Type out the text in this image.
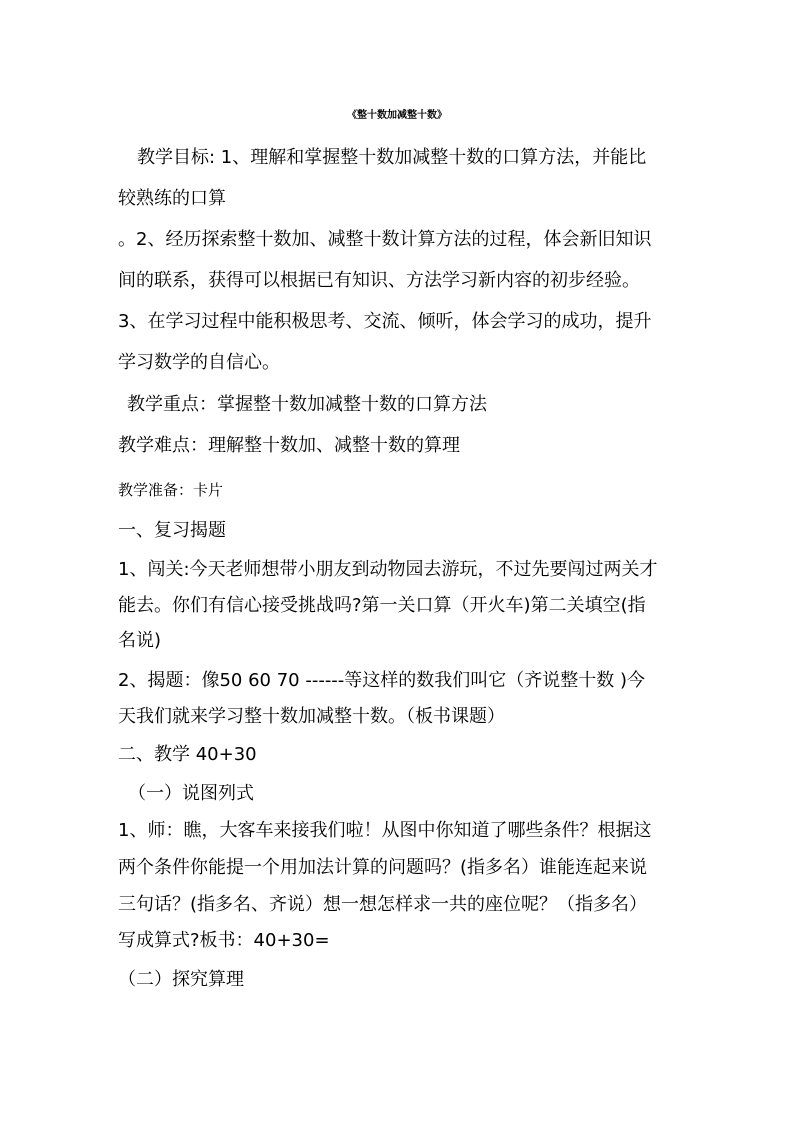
《整十数加减整十数》
教学目标: 1、理解和掌握整十数加减整十数的口算方法，并能比
较熟练的口算
。2、经历探索整十数加、减整十数计算方法的过程，体会新旧知识
间的联系，获得可以根据已有知识、方法学习新内容的初步经验。
3、在学习过程中能积极思考、交流、倾听，体会学习的成功，提升
学习数学的自信心。
教学重点：掌握整十数加减整十数的口算方法
教学难点：理解整十数加、减整十数的算理
教学准备：卡片
一、复习揭题
1、闯关:今天老师想带小朋友到动物园去游玩，不过先要闯过两关才
能去。你们有信心接受挑战吗?第一关口算（开火车)第二关填空(指
名说)
2、揭题：像50 60 70 ------等这样的数我们叫它（齐说整十数 )今
天我们就来学习整十数加减整十数。（板书课题）
二、教学 40+30
（一）说图列式
1、师：瞧，大客车来接我们啦！从图中你知道了哪些条件？根据这
两个条件你能提一个用加法计算的问题吗？(指多名）谁能连起来说
三句话？(指多名、齐说）想一想怎样求一共的座位呢？（指多名）
写成算式?板书：40+30=
（二）探究算理
